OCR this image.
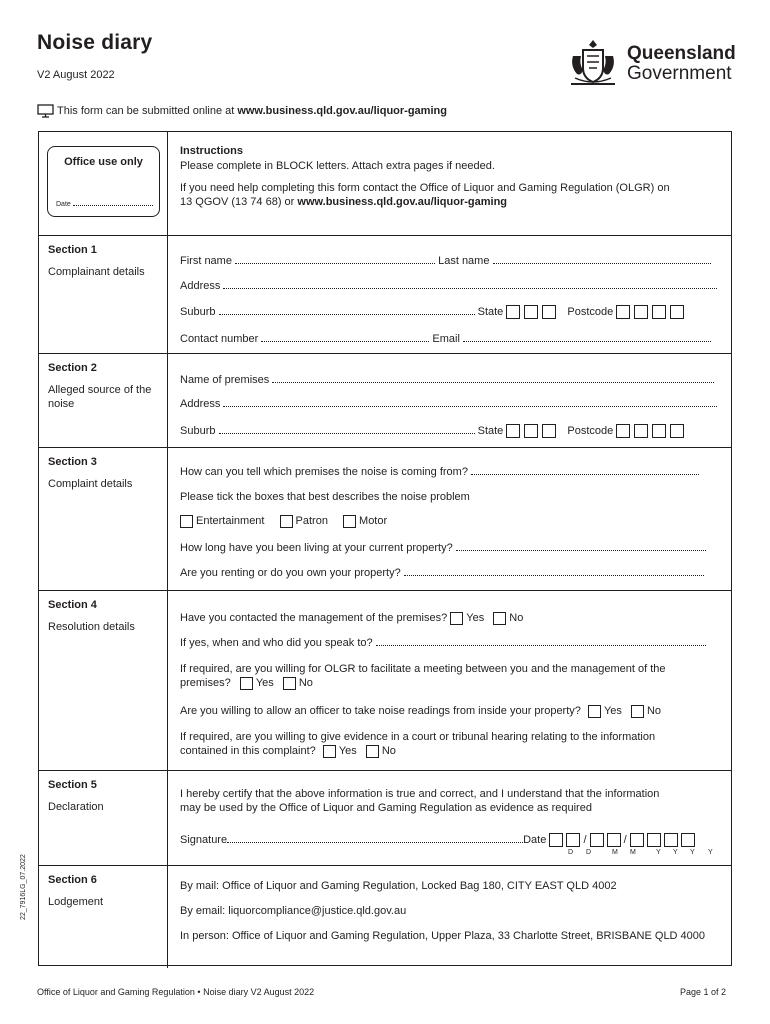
Noise diary
V2 August 2022
This form can be submitted online at www.business.qld.gov.au/liquor-gaming
Queensland
Government
Office use only
Date
Instructions
Please complete in BLOCK letters. Attach extra pages if needed.
If you need help completing this form contact the Office of Liquor and Gaming Regulation (OLGR) on
13 QGOV (13 74 68) or www.business.qld.gov.au/liquor-gaming
Section 1
Complainant details
First name	Last name
Address
Suburb	State	Postcode
Contact number	Email
Section 2
Alleged source of the noise
Name of premises
Address
Suburb	State	Postcode
Section 3
Complaint details
How can you tell which premises the noise is coming from?
Please tick the boxes that best describes the noise problem
Entertainment	Patron	Motor
How long have you been living at your current property?
Are you renting or do you own your property?
Section 4
Resolution details
Have you contacted the management of the premises? Yes No
If yes, when and who did you speak to?
If required, are you willing for OLGR to facilitate a meeting between you and the management of the
premises? Yes No
Are you willing to allow an officer to take noise readings from inside your property? Yes No
If required, are you willing to give evidence in a court or tribunal hearing relating to the information
contained in this complaint? Yes No
Section 5
Declaration
I hereby certify that the above information is true and correct, and I understand that the information
may be used by the Office of Liquor and Gaming Regulation as evidence as required
Signature	Date	/	/
D D	M M	Y Y Y Y
Section 6
Lodgement
By mail: Office of Liquor and Gaming Regulation, Locked Bag 180, CITY EAST QLD 4002
By email: liquorcompliance@justice.qld.gov.au
In person: Office of Liquor and Gaming Regulation, Upper Plaza, 33 Charlotte Street, BRISBANE QLD 4000
22_7916LG_07.2022
Office of Liquor and Gaming Regulation • Noise diary V2 August 2022	Page 1 of 2
